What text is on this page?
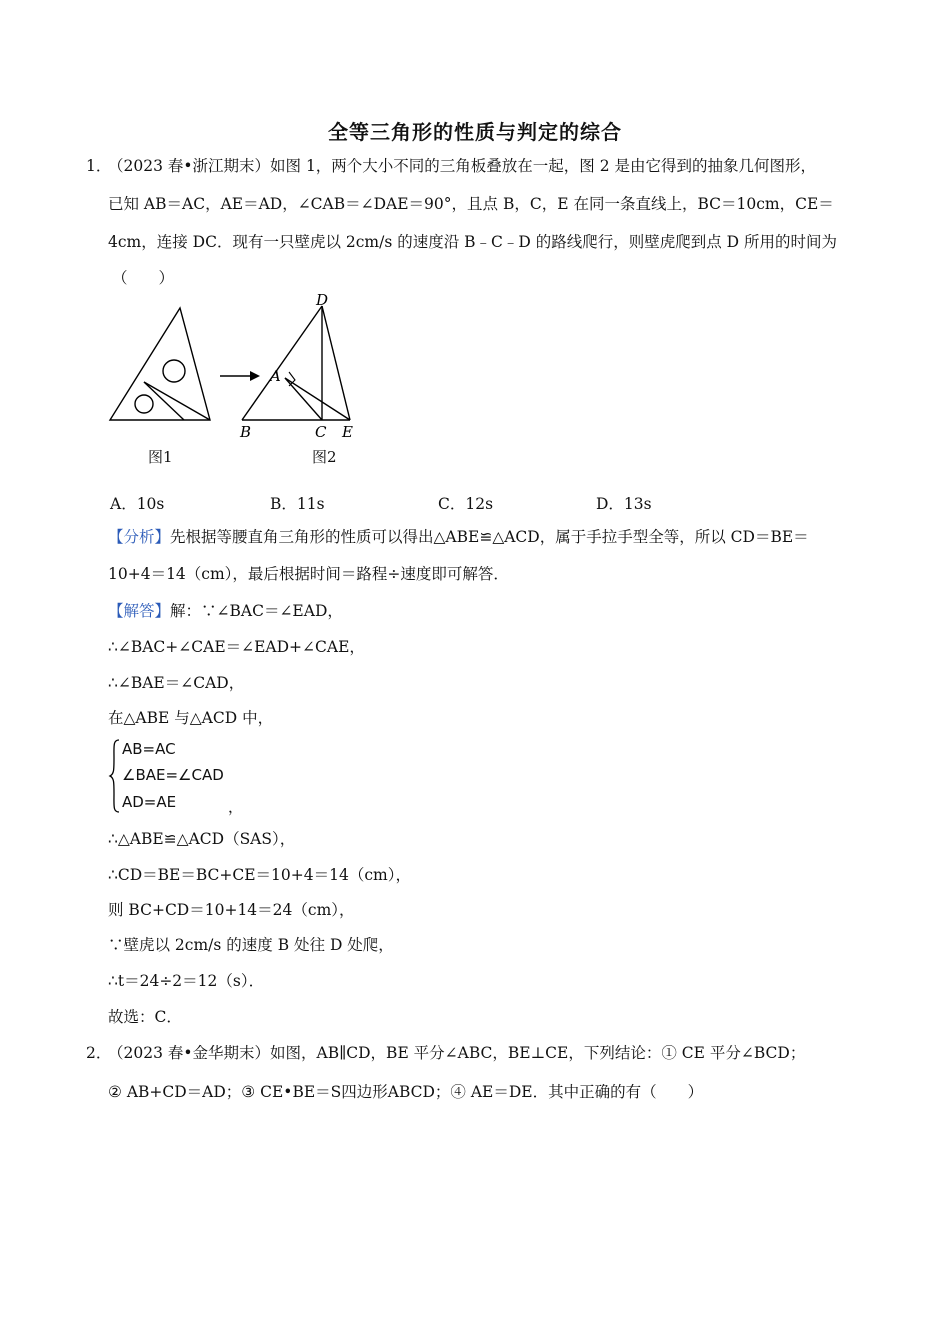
全等三角形的性质与判定的综合
1．
（2023 春•浙江期末）如图 1，两个大小不同的三角板叠放在一起，图 2 是由它得到的抽象几何图形，
已知 AB＝AC，AE＝AD，∠CAB＝∠DAE＝90°，且点 B，C，E 在同一条直线上，BC＝10cm，CE＝
4cm，连接 DC．现有一只壁虎以 2cm/s 的速度沿 B﹣C﹣D 的路线爬行，则壁虎爬到点 D 所用的时间为
（　　）
A
B	C
D
E
图1	图2
A．10s	B．11s	C．12s	D．13s
【分析】先根据等腰直角三角形的性质可以得出△ABE≌△ACD，属于手拉手型全等，所以 CD＝BE＝
10+4＝14（cm），最后根据时间＝路程÷速度即可解答．
【解答】解：∵∠BAC＝∠EAD，
∴∠BAC+∠CAE＝∠EAD+∠CAE，
∴∠BAE＝∠CAD，
在△ABE 与△ACD 中，
AB=AC
∠BAE=∠CAD
AD=AE	，
∴△ABE≌△ACD（SAS），
∴CD＝BE＝BC+CE＝10+4＝14（cm），
则 BC+CD＝10+14＝24（cm），
∵壁虎以 2cm/s 的速度 B 处往 D 处爬，
∴t＝24÷2＝12（s）．
故选：C．
2．
（2023 春•金华期末）如图，AB∥CD，BE 平分∠ABC，BE⊥CE，下列结论：① CE 平分∠BCD；
② AB+CD＝AD；③ CE•BE＝S四边形ABCD；④ AE＝DE．其中正确的有（　　）
